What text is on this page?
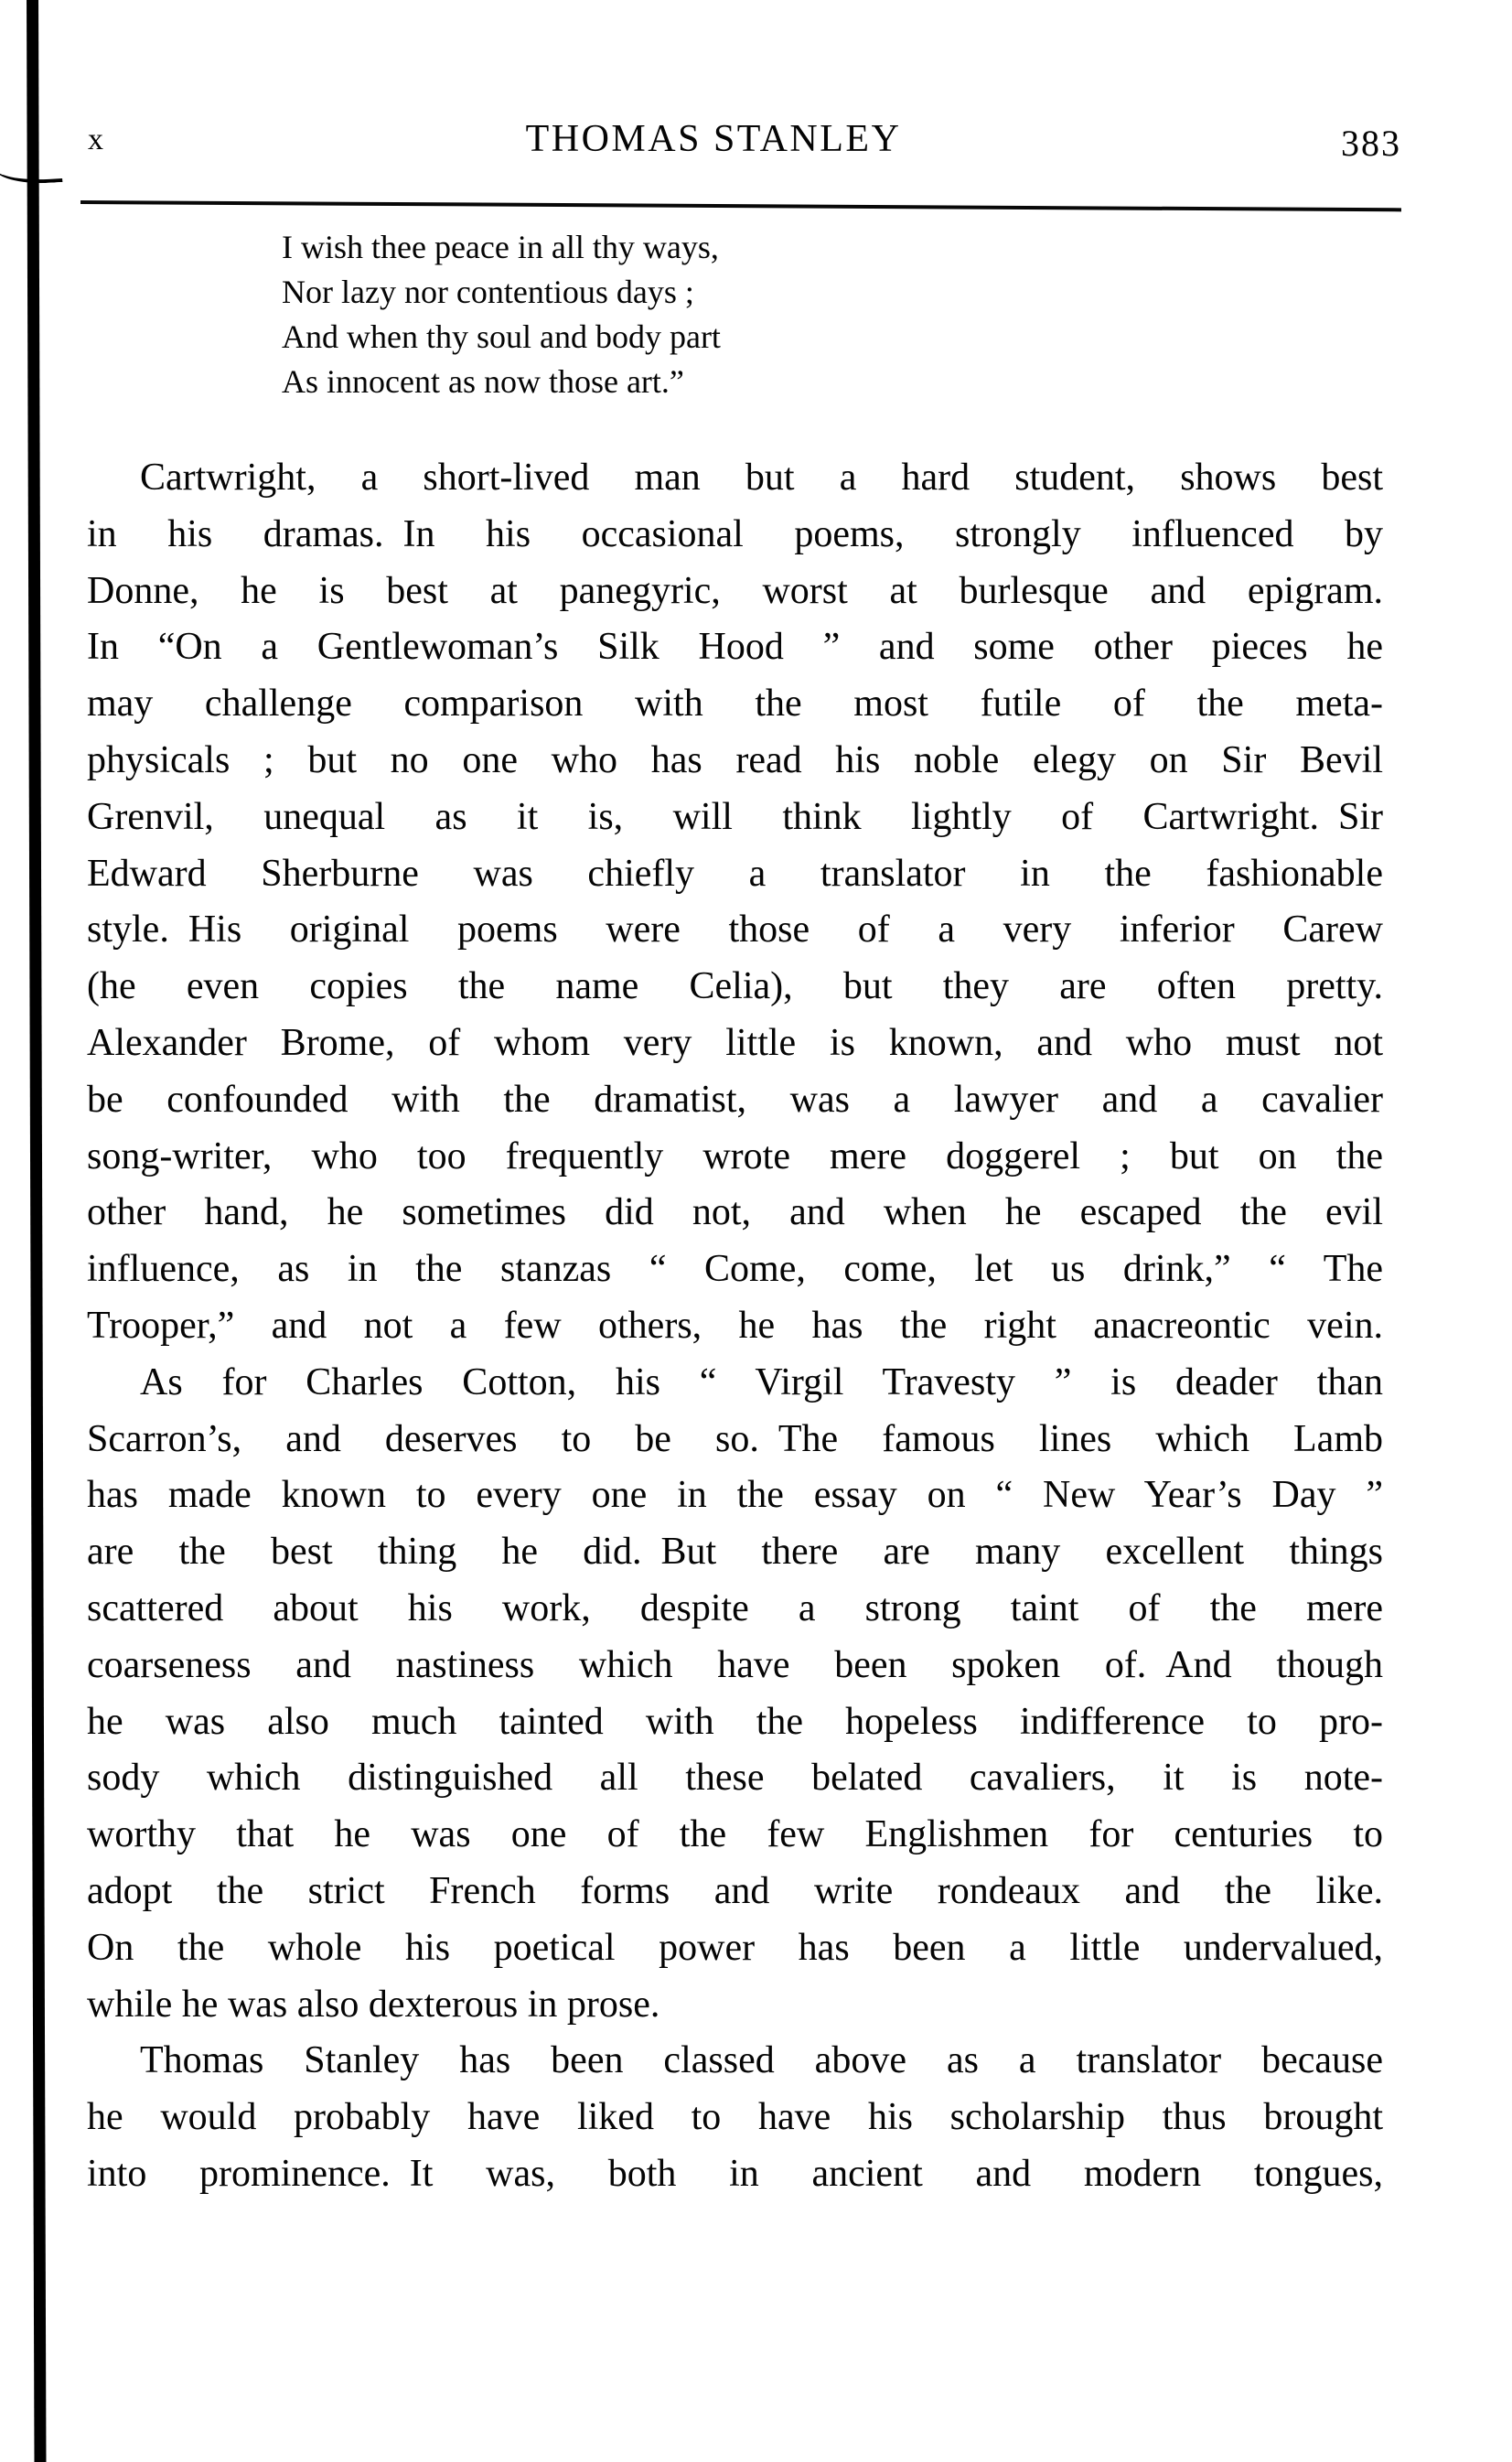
x	THOMAS STANLEY	383
I wish thee peace in all thy ways,
Nor lazy nor contentious days ;
And when thy soul and body part
As innocent as now those art.”
Cartwright, a short-lived man but a hard student, shows best
in his dramas. In his occasional poems, strongly influenced by
Donne, he is best at panegyric, worst at burlesque and epigram.
In “On a Gentlewoman’s Silk Hood ” and some other pieces he
may challenge comparison with the most futile of the meta-
physicals ; but no one who has read his noble elegy on Sir Bevil
Grenvil, unequal as it is, will think lightly of Cartwright. Sir
Edward Sherburne was chiefly a translator in the fashionable
style. His original poems were those of a very inferior Carew
(he even copies the name Celia), but they are often pretty.
Alexander Brome, of whom very little is known, and who must not
be confounded with the dramatist, was a lawyer and a cavalier
song-writer, who too frequently wrote mere doggerel ; but on the
other hand, he sometimes did not, and when he escaped the evil
influence, as in the stanzas “ Come, come, let us drink,” “ The
Trooper,” and not a few others, he has the right anacreontic vein.
As for Charles Cotton, his “ Virgil Travesty ” is deader than
Scarron’s, and deserves to be so. The famous lines which Lamb
has made known to every one in the essay on “ New Year’s Day ”
are the best thing he did. But there are many excellent things
scattered about his work, despite a strong taint of the mere
coarseness and nastiness which have been spoken of. And though
he was also much tainted with the hopeless indifference to pro-
sody which distinguished all these belated cavaliers, it is note-
worthy that he was one of the few Englishmen for centuries to
adopt the strict French forms and write rondeaux and the like.
On the whole his poetical power has been a little undervalued,
while he was also dexterous in prose.
Thomas Stanley has been classed above as a translator because
he would probably have liked to have his scholarship thus brought
into prominence. It was, both in ancient and modern tongues,
